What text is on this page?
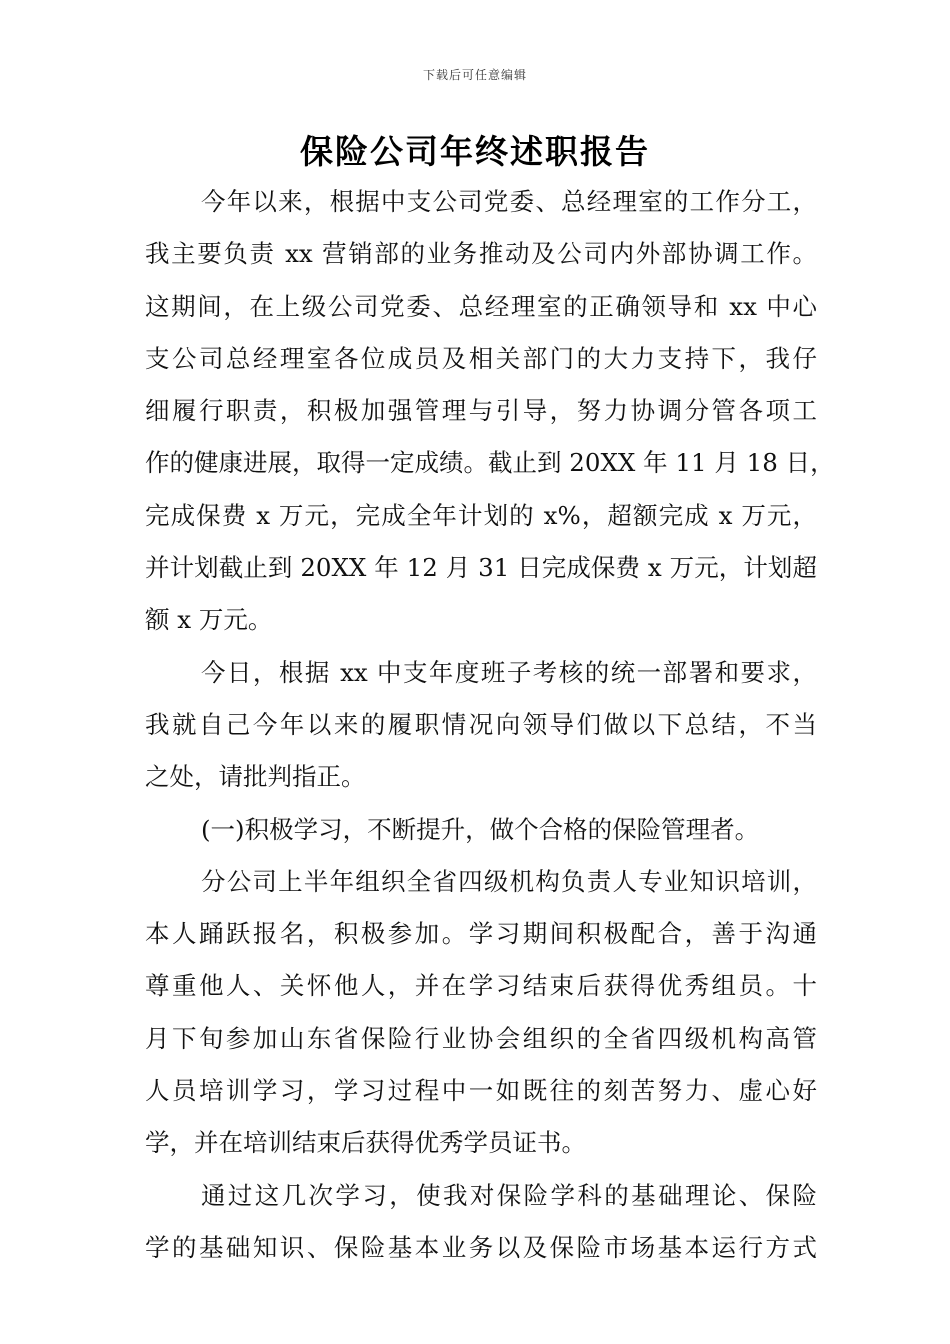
下载后可任意编辑
保险公司年终述职报告
今年以来，根据中支公司党委、总经理室的工作分工，
我主要负责 xx 营销部的业务推动及公司内外部协调工作。
这期间，在上级公司党委、总经理室的正确领导和 xx 中心
支公司总经理室各位成员及相关部门的大力支持下，我仔
细履行职责，积极加强管理与引导，努力协调分管各项工
作的健康进展，取得一定成绩。截止到 20XX 年 11 月 18 日，
完成保费 x 万元，完成全年计划的 x%，超额完成 x 万元，
并计划截止到 20XX 年 12 月 31 日完成保费 x 万元，计划超
额 x 万元。
今日，根据 xx 中支年度班子考核的统一部署和要求，
我就自己今年以来的履职情况向领导们做以下总结，不当
之处，请批判指正。
(一)积极学习，不断提升，做个合格的保险管理者。
分公司上半年组织全省四级机构负责人专业知识培训，
本人踊跃报名，积极参加。学习期间积极配合，善于沟通
尊重他人、关怀他人，并在学习结束后获得优秀组员。十
月下旬参加山东省保险行业协会组织的全省四级机构高管
人员培训学习，学习过程中一如既往的刻苦努力、虚心好
学，并在培训结束后获得优秀学员证书。
通过这几次学习，使我对保险学科的基础理论、保险
学的基础知识、保险基本业务以及保险市场基本运行方式
